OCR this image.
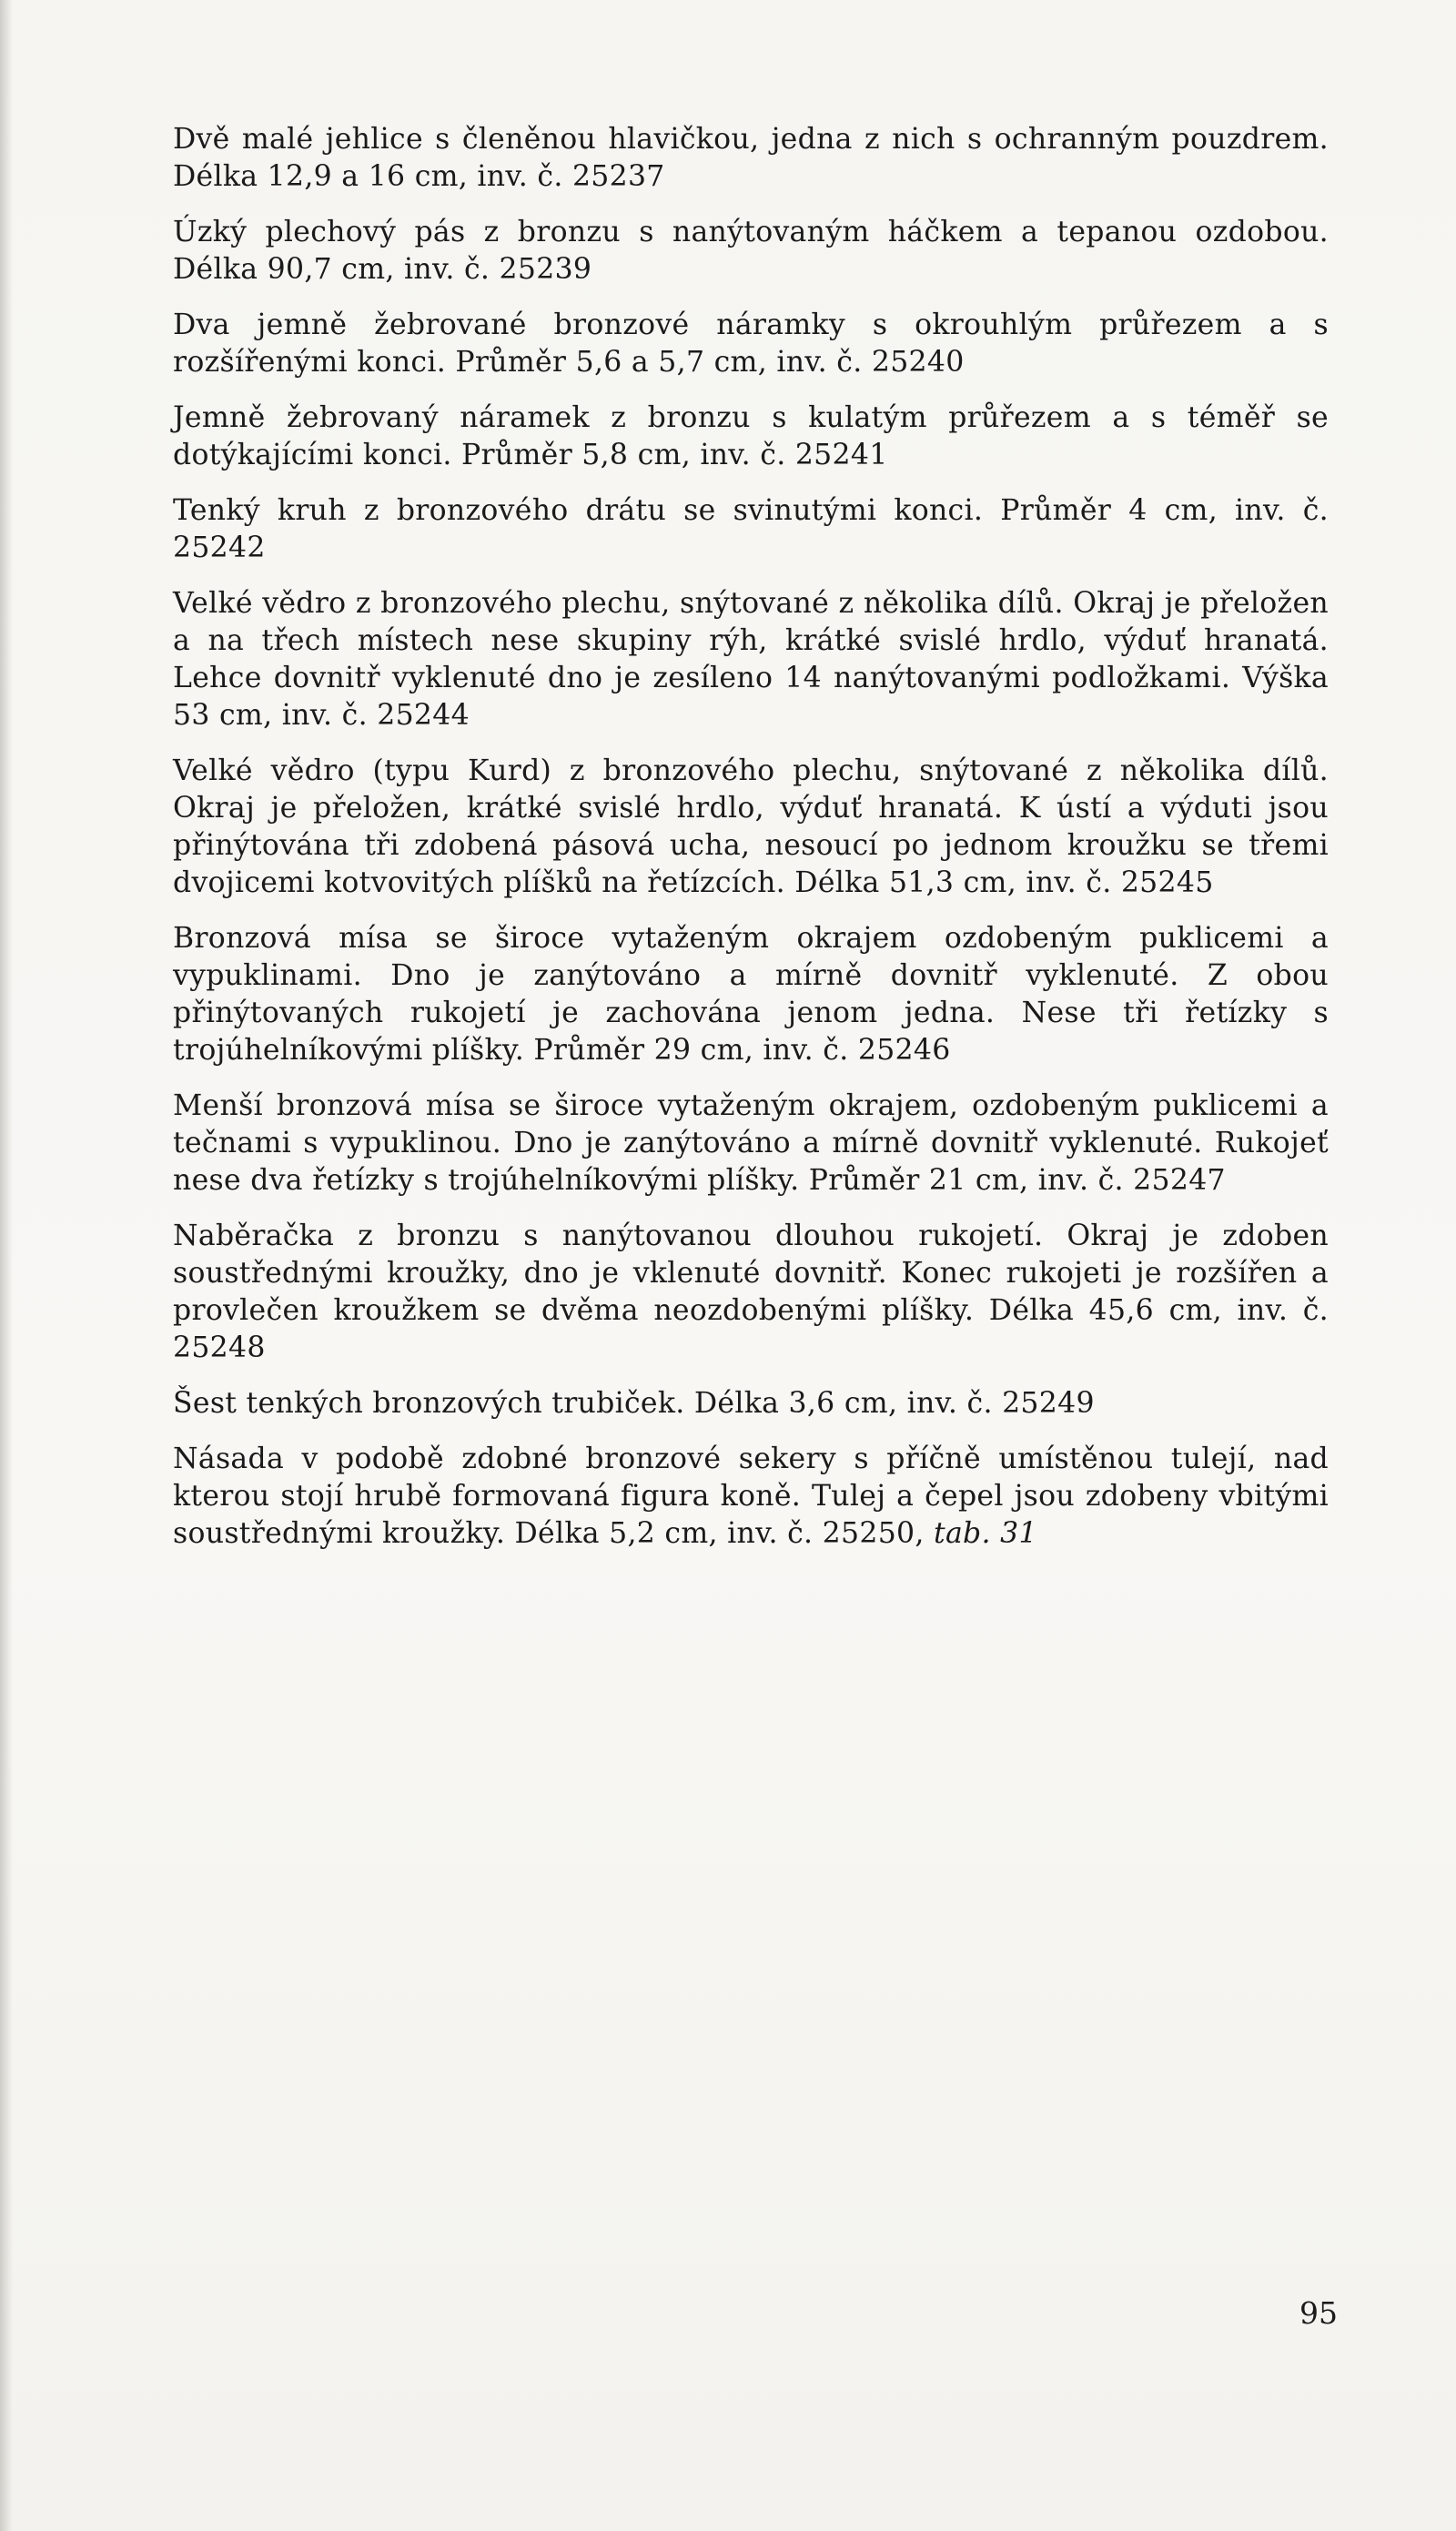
Dvě malé jehlice s členěnou hlavičkou, jedna z nich s ochranným pouzdrem. Délka 12,9 a 16 cm, inv. č. 25237

Úzký plechový pás z bronzu s nanýtovaným háčkem a tepanou ozdobou. Délka 90,7 cm, inv. č. 25239

Dva jemně žebrované bronzové náramky s okrouhlým průřezem a s rozšířenými konci. Průměr 5,6 a 5,7 cm, inv. č. 25240

Jemně žebrovaný náramek z bronzu s kulatým průřezem a s téměř se dotýkajícími konci. Průměr 5,8 cm, inv. č. 25241

Tenký kruh z bronzového drátu se svinutými konci. Průměr 4 cm, inv. č. 25242

Velké vědro z bronzového plechu, snýtované z několika dílů. Okraj je přeložen a na třech místech nese skupiny rýh, krátké svislé hrdlo, výduť hranatá. Lehce dovnitř vyklenuté dno je zesíleno 14 nanýtovanými podložkami. Výška 53 cm, inv. č. 25244

Velké vědro (typu Kurd) z bronzového plechu, snýtované z několika dílů. Okraj je přeložen, krátké svislé hrdlo, výduť hranatá. K ústí a výduti jsou přinýtována tři zdobená pásová ucha, nesoucí po jednom kroužku se třemi dvojicemi kotvovitých plíšků na řetízcích. Délka 51,3 cm, inv. č. 25245

Bronzová mísa se široce vytaženým okrajem ozdobeným puklicemi a vypuklinami. Dno je zanýtováno a mírně dovnitř vyklenuté. Z obou přinýtovaných rukojetí je zachována jenom jedna. Nese tři řetízky s trojúhelníkovými plíšky. Průměr 29 cm, inv. č. 25246

Menší bronzová mísa se široce vytaženým okrajem, ozdobeným puklicemi a tečnami s vypuklinou. Dno je zanýtováno a mírně dovnitř vyklenuté. Rukojeť nese dva řetízky s trojúhelníkovými plíšky. Průměr 21 cm, inv. č. 25247

Naběračka z bronzu s nanýtovanou dlouhou rukojetí. Okraj je zdoben soustřednými kroužky, dno je vklenuté dovnitř. Konec rukojeti je rozšířen a provlečen kroužkem se dvěma neozdobenými plíšky. Délka 45,6 cm, inv. č. 25248

Šest tenkých bronzových trubiček. Délka 3,6 cm, inv. č. 25249

Násada v podobě zdobné bronzové sekery s příčně umístěnou tulejí, nad kterou stojí hrubě formovaná figura koně. Tulej a čepel jsou zdobeny vbitými soustřednými kroužky. Délka 5,2 cm, inv. č. 25250, tab. 31

95
